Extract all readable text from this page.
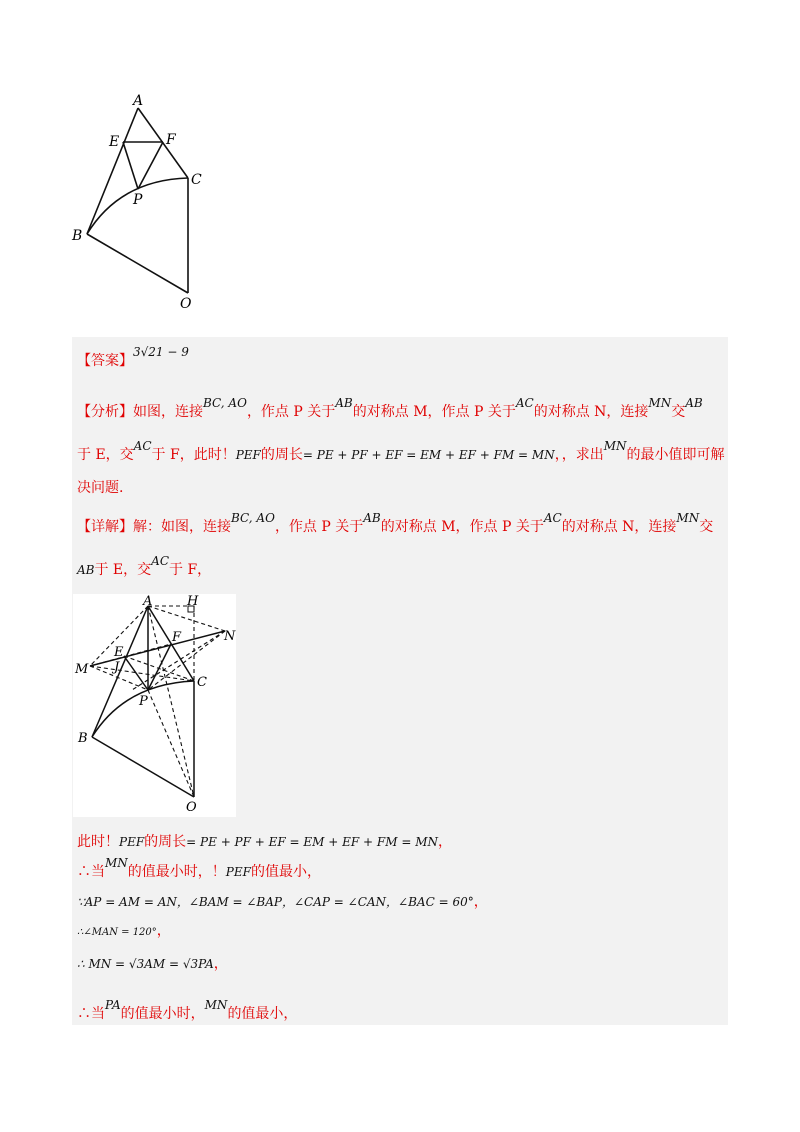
A
E	F
C
P
B
O
【答案】3√21 − 9
【分析】如图，连接BC, AO，作点 P 关于AB的对称点 M，作点 P 关于AC的对称点 N，连接MN交AB
于 E，交AC于 F，此时！PEF的周长= PE + PF + EF = EM + EF + FM = MN，，求出MN的最小值即可解
决问题.
【详解】解：如图，连接BC, AO，作点 P 关于AB的对称点 M，作点 P 关于AC的对称点 N，连接MN交
AB于 E，交AC于 F，
A	H
N
F
E
M J
C
P
B
O
此时！PEF的周长= PE + PF + EF = EM + EF + FM = MN，
∴当MN的值最小时，！PEF的值最小，
∵AP = AM = AN，∠BAM = ∠BAP，∠CAP = ∠CAN，∠BAC = 60°，
∴∠MAN = 120°，
∴ MN = √3AM = √3PA，
∴当PA的值最小时，MN的值最小，
